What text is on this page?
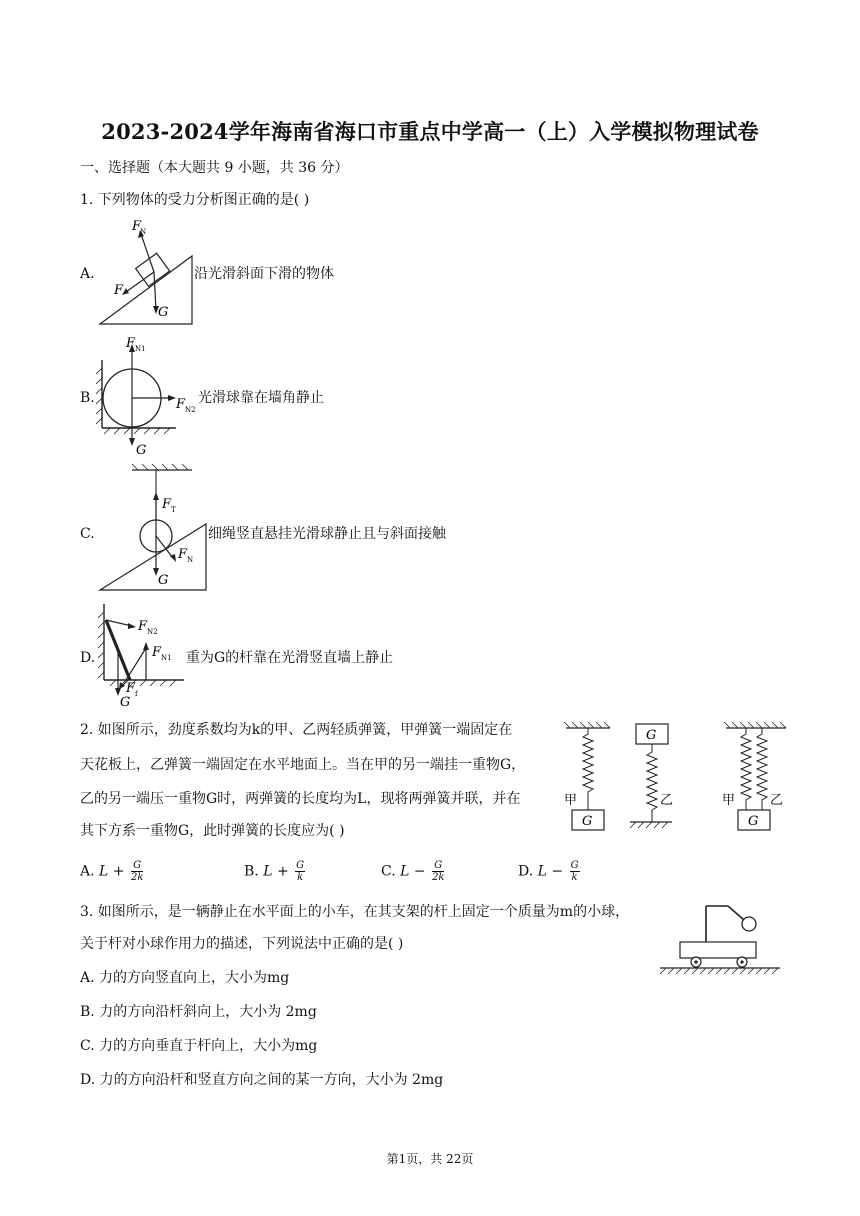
2023-2024学年海南省海口市重点中学高一（上）入学模拟物理试卷
一、选择题（本大题共 9 小题，共 36 分）
1. 下列物体的受力分析图正确的是( )
A.
F
N
F
G
沿光滑斜面下滑的物体
B.
F N1
F N2
G
光滑球靠在墙角静止
C.
F T
F N
G
细绳竖直悬挂光滑球静止且与斜面接触
D.
F N2
F N1
F f
G
重为G的杆靠在光滑竖直墙上静止
2. 如图所示，劲度系数均为k的甲、乙两轻质弹簧，甲弹簧一端固定在
天花板上，乙弹簧一端固定在水平地面上。当在甲的另一端挂一重物G，
乙的另一端压一重物G时，两弹簧的长度均为L，现将两弹簧并联，并在
其下方系一重物G，此时弹簧的长度应为( )
G
甲
G
乙	甲	乙
G
A. $L + \frac{G}{2k}$	B. $L + \frac{G}{k}$	C. $L - \frac{G}{2k}$	D. $L - \frac{G}{k}$
3. 如图所示，是一辆静止在水平面上的小车，在其支架的杆上固定一个质量为m的小球，
关于杆对小球作用力的描述，下列说法中正确的是( )
A. 力的方向竖直向上，大小为mg
B. 力的方向沿杆斜向上，大小为 2mg
C. 力的方向垂直于杆向上，大小为mg
D. 力的方向沿杆和竖直方向之间的某一方向，大小为 2mg
第1页，共 22页
